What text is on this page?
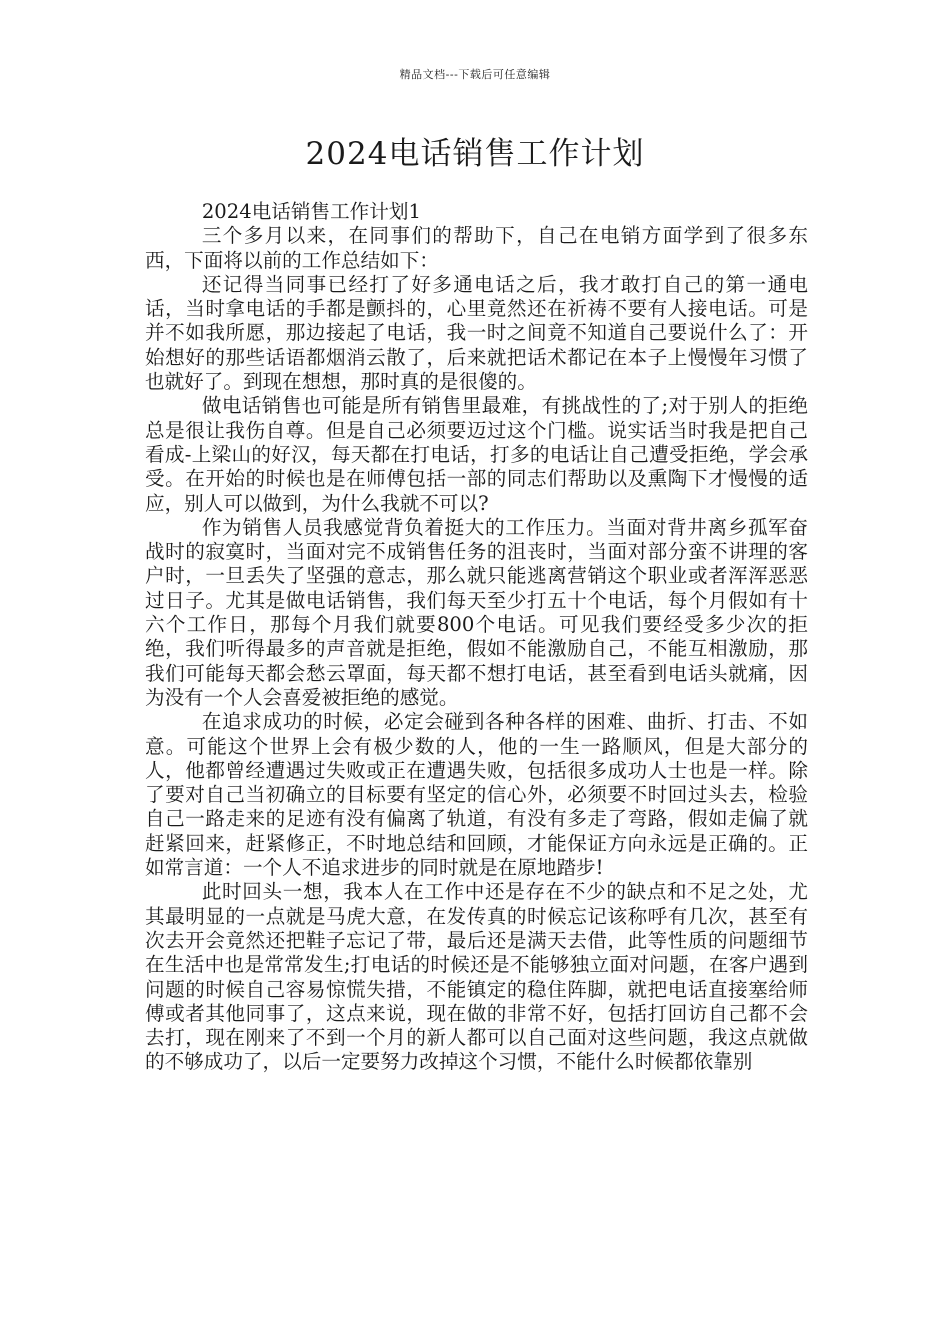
精品文档---下载后可任意编辑
2024电话销售工作计划

2024电话销售工作计划1

三个多月以来，在同事们的帮助下，自己在电销方面学到了很多东西，下面将以前的工作总结如下：

还记得当同事已经打了好多通电话之后，我才敢打自己的第一通电话，当时拿电话的手都是颤抖的，心里竟然还在祈祷不要有人接电话。可是并不如我所愿，那边接起了电话，我一时之间竟不知道自己要说什么了：开始想好的那些话语都烟消云散了，后来就把话术都记在本子上慢慢年习惯了也就好了。到现在想想，那时真的是很傻的。

做电话销售也可能是所有销售里最难，有挑战性的了;对于别人的拒绝总是很让我伤自尊。但是自己必须要迈过这个门槛。说实话当时我是把自己看成-上梁山的好汉，每天都在打电话，打多的电话让自己遭受拒绝，学会承受。在开始的时候也是在师傅包括一部的同志们帮助以及熏陶下才慢慢的适应，别人可以做到，为什么我就不可以?

作为销售人员我感觉背负着挺大的工作压力。当面对背井离乡孤军奋战时的寂寞时，当面对完不成销售任务的沮丧时，当面对部分蛮不讲理的客户时，一旦丢失了坚强的意志，那么就只能逃离营销这个职业或者浑浑恶恶过日子。尤其是做电话销售，我们每天至少打五十个电话，每个月假如有十六个工作日，那每个月我们就要800个电话。可见我们要经受多少次的拒绝，我们听得最多的声音就是拒绝，假如不能激励自己，不能互相激励，那我们可能每天都会愁云罩面，每天都不想打电话，甚至看到电话头就痛，因为没有一个人会喜爱被拒绝的感觉。

在追求成功的时候，必定会碰到各种各样的困难、曲折、打击、不如意。可能这个世界上会有极少数的人，他的一生一路顺风，但是大部分的人，他都曾经遭遇过失败或正在遭遇失败，包括很多成功人士也是一样。除了要对自己当初确立的目标要有坚定的信心外，必须要不时回过头去，检验自己一路走来的足迹有没有偏离了轨道，有没有多走了弯路，假如走偏了就赶紧回来，赶紧修正，不时地总结和回顾，才能保证方向永远是正确的。正如常言道：一个人不追求进步的同时就是在原地踏步!

此时回头一想，我本人在工作中还是存在不少的缺点和不足之处，尤其最明显的一点就是马虎大意，在发传真的时候忘记该称呼有几次，甚至有次去开会竟然还把鞋子忘记了带，最后还是满天去借，此等性质的问题细节在生活中也是常常发生;打电话的时候还是不能够独立面对问题，在客户遇到问题的时候自己容易惊慌失措，不能镇定的稳住阵脚，就把电话直接塞给师傅或者其他同事了，这点来说，现在做的非常不好，包括打回访自己都不会去打，现在刚来了不到一个月的新人都可以自己面对这些问题，我这点就做的不够成功了，以后一定要努力改掉这个习惯，不能什么时候都依靠别
